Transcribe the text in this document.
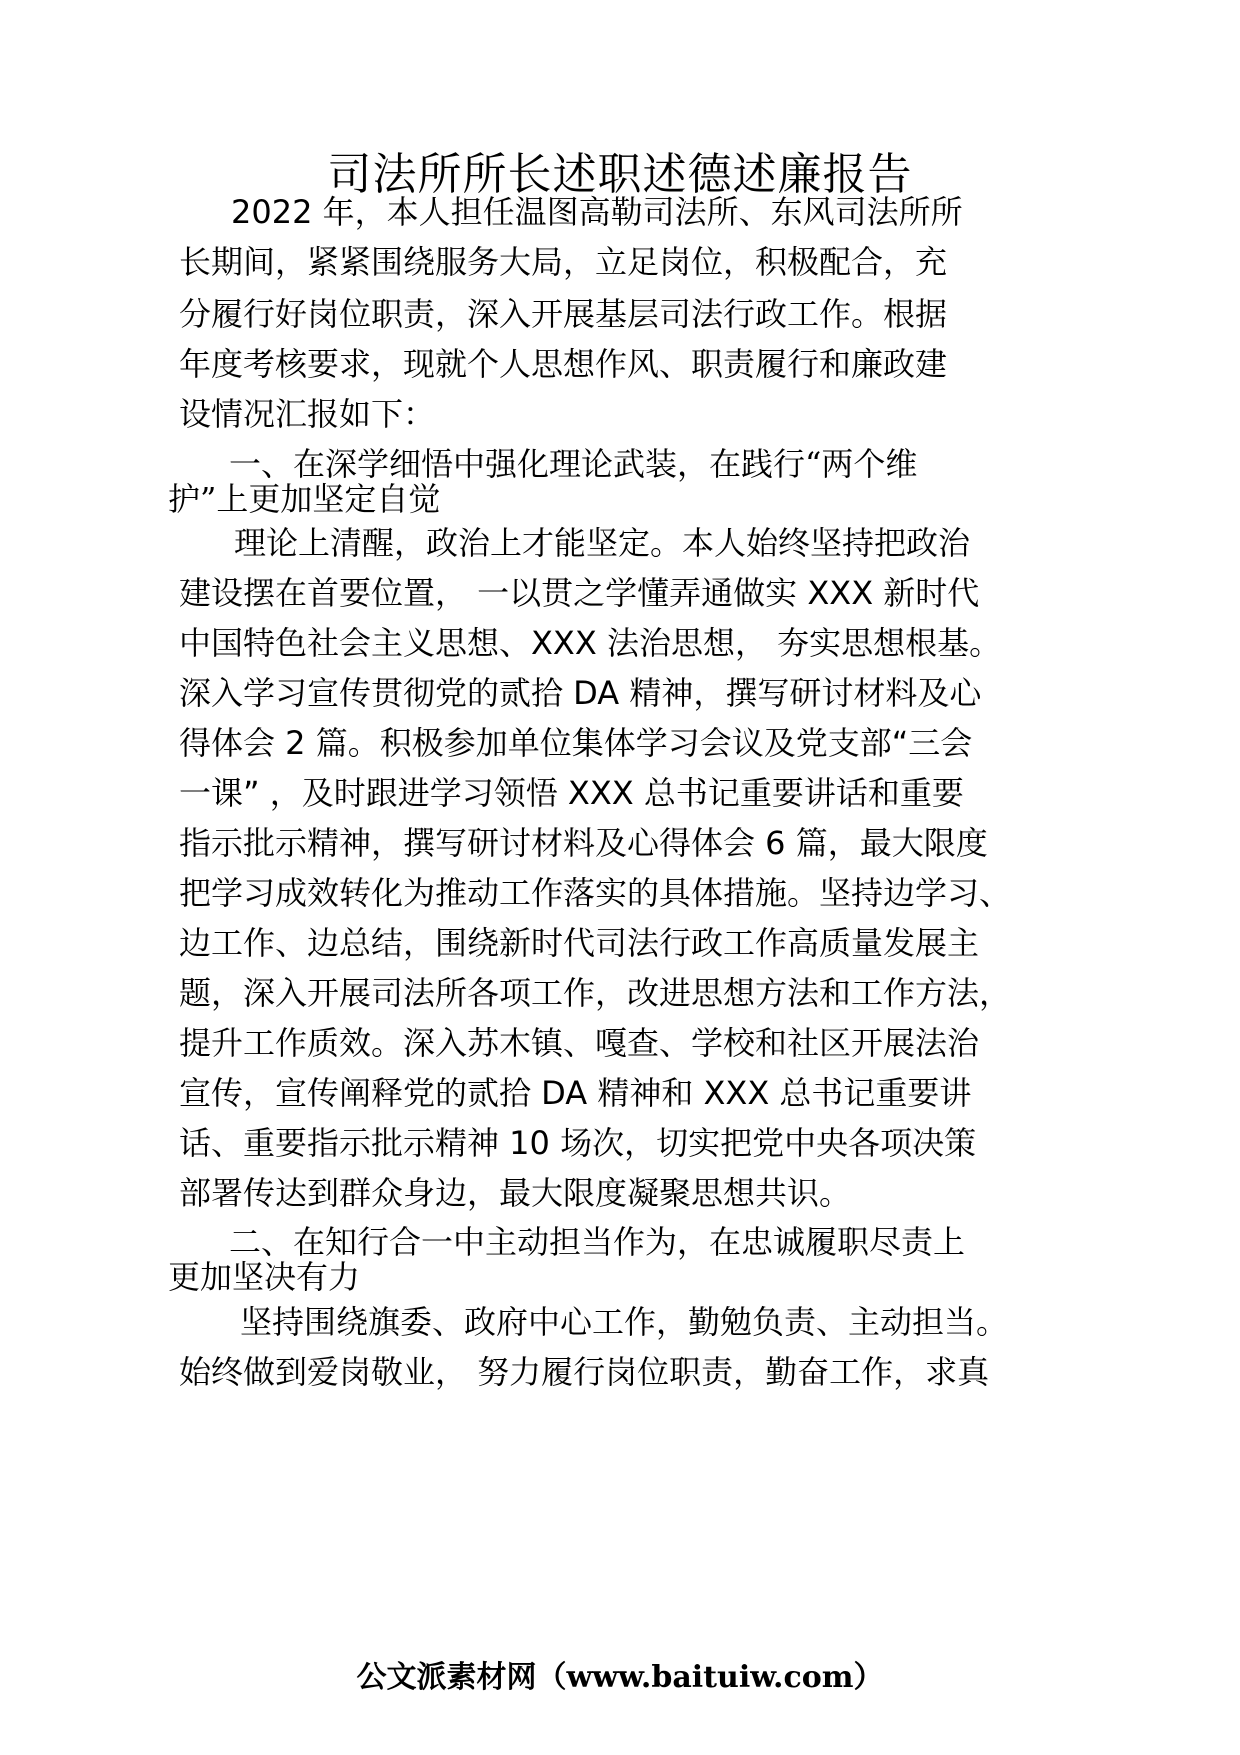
司法所所长述职述德述廉报告

2022 年，本人担任温图高勒司法所、东风司法所所

长期间，紧紧围绕服务大局，立足岗位，积极配合，充

分履行好岗位职责，深入开展基层司法行政工作。根据

年度考核要求，现就个人思想作风、职责履行和廉政建

设情况汇报如下：

一、在深学细悟中强化理论武装，在践行“两个维

护”上更加坚定自觉

理论上清醒，政治上才能坚定。本人始终坚持把政治

建设摆在首要位置， 一以贯之学懂弄通做实 XXX 新时代

中国特色社会主义思想、XXX 法治思想， 夯实思想根基。

深入学习宣传贯彻党的贰拾 DA 精神，撰写研讨材料及心

得体会 2 篇。积极参加单位集体学习会议及党支部“三会

一课” ，及时跟进学习领悟 XXX 总书记重要讲话和重要

指示批示精神，撰写研讨材料及心得体会 6 篇，最大限度

把学习成效转化为推动工作落实的具体措施。坚持边学习、

边工作、边总结，围绕新时代司法行政工作高质量发展主

题，深入开展司法所各项工作，改进思想方法和工作方法，

提升工作质效。深入苏木镇、嘎查、学校和社区开展法治

宣传，宣传阐释党的贰拾 DA 精神和 XXX 总书记重要讲

话、重要指示批示精神 10 场次，切实把党中央各项决策

部署传达到群众身边，最大限度凝聚思想共识。

二、在知行合一中主动担当作为，在忠诚履职尽责上

更加坚决有力

坚持围绕旗委、政府中心工作，勤勉负责、主动担当。

始终做到爱岗敬业， 努力履行岗位职责，勤奋工作，求真

公文派素材网（www.baituiw.com）
